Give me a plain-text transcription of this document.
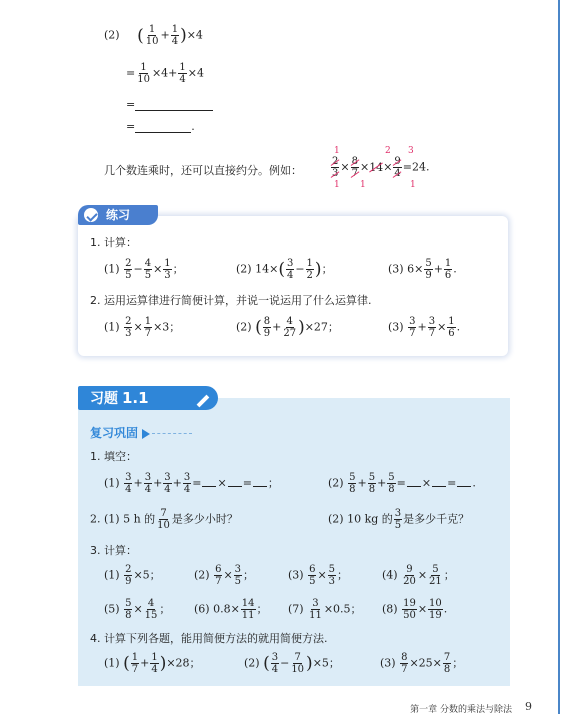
(2) ( $\frac{1}{10} + \frac{1}{4} )\times 4$
= $\frac{1}{10} \times 4+ \frac{1}{4} \times 4$
=
=	.
几个数连乘时，还可以直接约分。例如：
1	2 3
$\frac{2}{3} \times \frac{8}{7} \times 14\times \frac{9}{4} =24$.
1 1	1
练习
1. 计算：
$(1) \frac{2}{5} - \frac{4}{5} \times \frac{1}{3}$ ；	(2) $14\times( \frac{3}{4} - \frac{1}{2}$ )；	(3) $6\times \frac{5}{9} + \frac{1}{6}$ .
2. 运用运算律进行简便计算，并说一说运用了什么运算律.
$(1) \frac{2}{3} \times \frac{1}{7} \times 3$；	(2) ( $\frac{8}{9} + \frac{4}{27} )\times 27$；	$(3) \frac{3}{7} + \frac{3}{7} \times \frac{1}{6}$ .
习题 1.1
复习巩固
1. 填空：
$(1) \frac{3}{4} + \frac{3}{4} + \frac{3}{4} + \frac{3}{4}$ = × = ；	$(2) \frac{5}{8} + \frac{5}{8} + \frac{5}{8}$ = × = .
2. (1) 5 h 的 $\frac{7}{10}$ 是多少小时？	(2) 10 kg 的 $\frac{3}{5}$ 是多少千克？
3. 计算：
$(1) \frac{2}{9} \times 5$；	$(2) \frac{6}{7} \times \frac{3}{5}$ ；	$(3) \frac{6}{5} \times \frac{5}{3}$ ；	$(4) \frac{9}{20} \times \frac{5}{21}$ ；
$(5) \frac{5}{8} \times \frac{4}{15}$ ； (6) $0.8\times \frac{14}{11}$ ； $(7) \frac{3}{11} \times 0.5$； $(8) \frac{19}{50} \times \frac{10}{19}$ .
4. 计算下列各题，能用简便方法的就用简便方法.
(1) ( $\frac{1}{7} + \frac{1}{4} )\times 28$；	(2) ( $\frac{3}{4} - \frac{7}{10} )\times 5$；	$(3) \frac{8}{7} \times 25\times \frac{7}{8}$ ；
第一章 分数的乘法与除法 9
